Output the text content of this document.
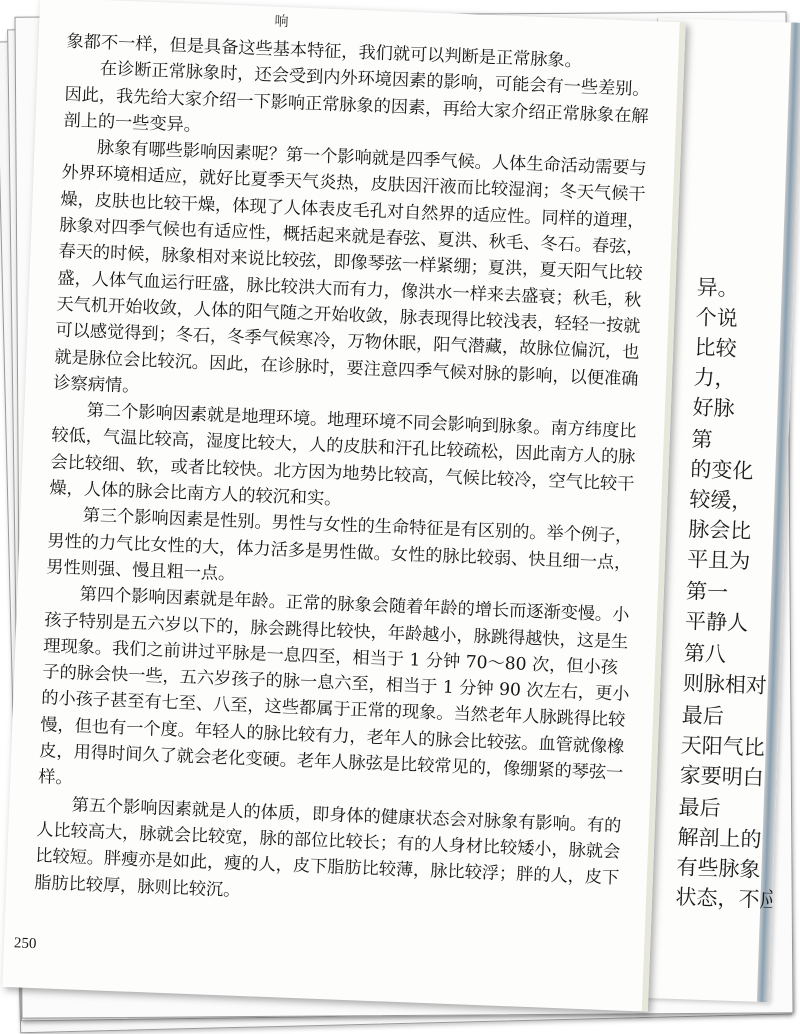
异。
个说
比较
力，
好脉
第
的变化
较缓，
脉会比
平且为
第一
平静人
第八
则脉相对
最后
天阳气比
家要明白
最后
解剖上的
有些脉象
状态，不应
响

象都不一样，但是具备这些基本特征，我们就可以判断是正常脉象。

在诊断正常脉象时，还会受到内外环境因素的影响，可能会有一些差别。因此，我先给大家介绍一下影响正常脉象的因素，再给大家介绍正常脉象在解剖上的一些变异。

脉象有哪些影响因素呢？第一个影响就是四季气候。人体生命活动需要与外界环境相适应，就好比夏季天气炎热，皮肤因汗液而比较湿润；冬天气候干燥，皮肤也比较干燥，体现了人体表皮毛孔对自然界的适应性。同样的道理，脉象对四季气候也有适应性，概括起来就是春弦、夏洪、秋毛、冬石。春弦，春天的时候，脉象相对来说比较弦，即像琴弦一样紧绷；夏洪，夏天阳气比较盛，人体气血运行旺盛，脉比较洪大而有力，像洪水一样来去盛衰；秋毛，秋天气机开始收敛，人体的阳气随之开始收敛，脉表现得比较浅表，轻轻一按就可以感觉得到；冬石，冬季气候寒冷，万物休眠，阳气潜藏，故脉位偏沉，也就是脉位会比较沉。因此，在诊脉时，要注意四季气候对脉的影响，以便准确诊察病情。

第二个影响因素就是地理环境。地理环境不同会影响到脉象。南方纬度比较低，气温比较高，湿度比较大，人的皮肤和汗孔比较疏松，因此南方人的脉会比较细、软，或者比较快。北方因为地势比较高，气候比较冷，空气比较干燥，人体的脉会比南方人的较沉和实。

第三个影响因素是性别。男性与女性的生命特征是有区别的。举个例子，男性的力气比女性的大，体力活多是男性做。女性的脉比较弱、快且细一点，男性则强、慢且粗一点。

第四个影响因素就是年龄。正常的脉象会随着年龄的增长而逐渐变慢。小孩子特别是五六岁以下的，脉会跳得比较快，年龄越小，脉跳得越快，这是生理现象。我们之前讲过平脉是一息四至，相当于 1 分钟 70～80 次，但小孩子的脉会快一些，五六岁孩子的脉一息六至，相当于 1 分钟 90 次左右，更小的小孩子甚至有七至、八至，这些都属于正常的现象。当然老年人脉跳得比较慢，但也有一个度。年轻人的脉比较有力，老年人的脉会比较弦。血管就像橡皮，用得时间久了就会老化变硬。老年人脉弦是比较常见的，像绷紧的琴弦一样。

第五个影响因素就是人的体质，即身体的健康状态会对脉象有影响。有的人比较高大，脉就会比较宽，脉的部位比较长；有的人身材比较矮小，脉就会比较短。胖瘦亦是如此，瘦的人，皮下脂肪比较薄，脉比较浮；胖的人，皮下脂肪比较厚，脉则比较沉。

250
